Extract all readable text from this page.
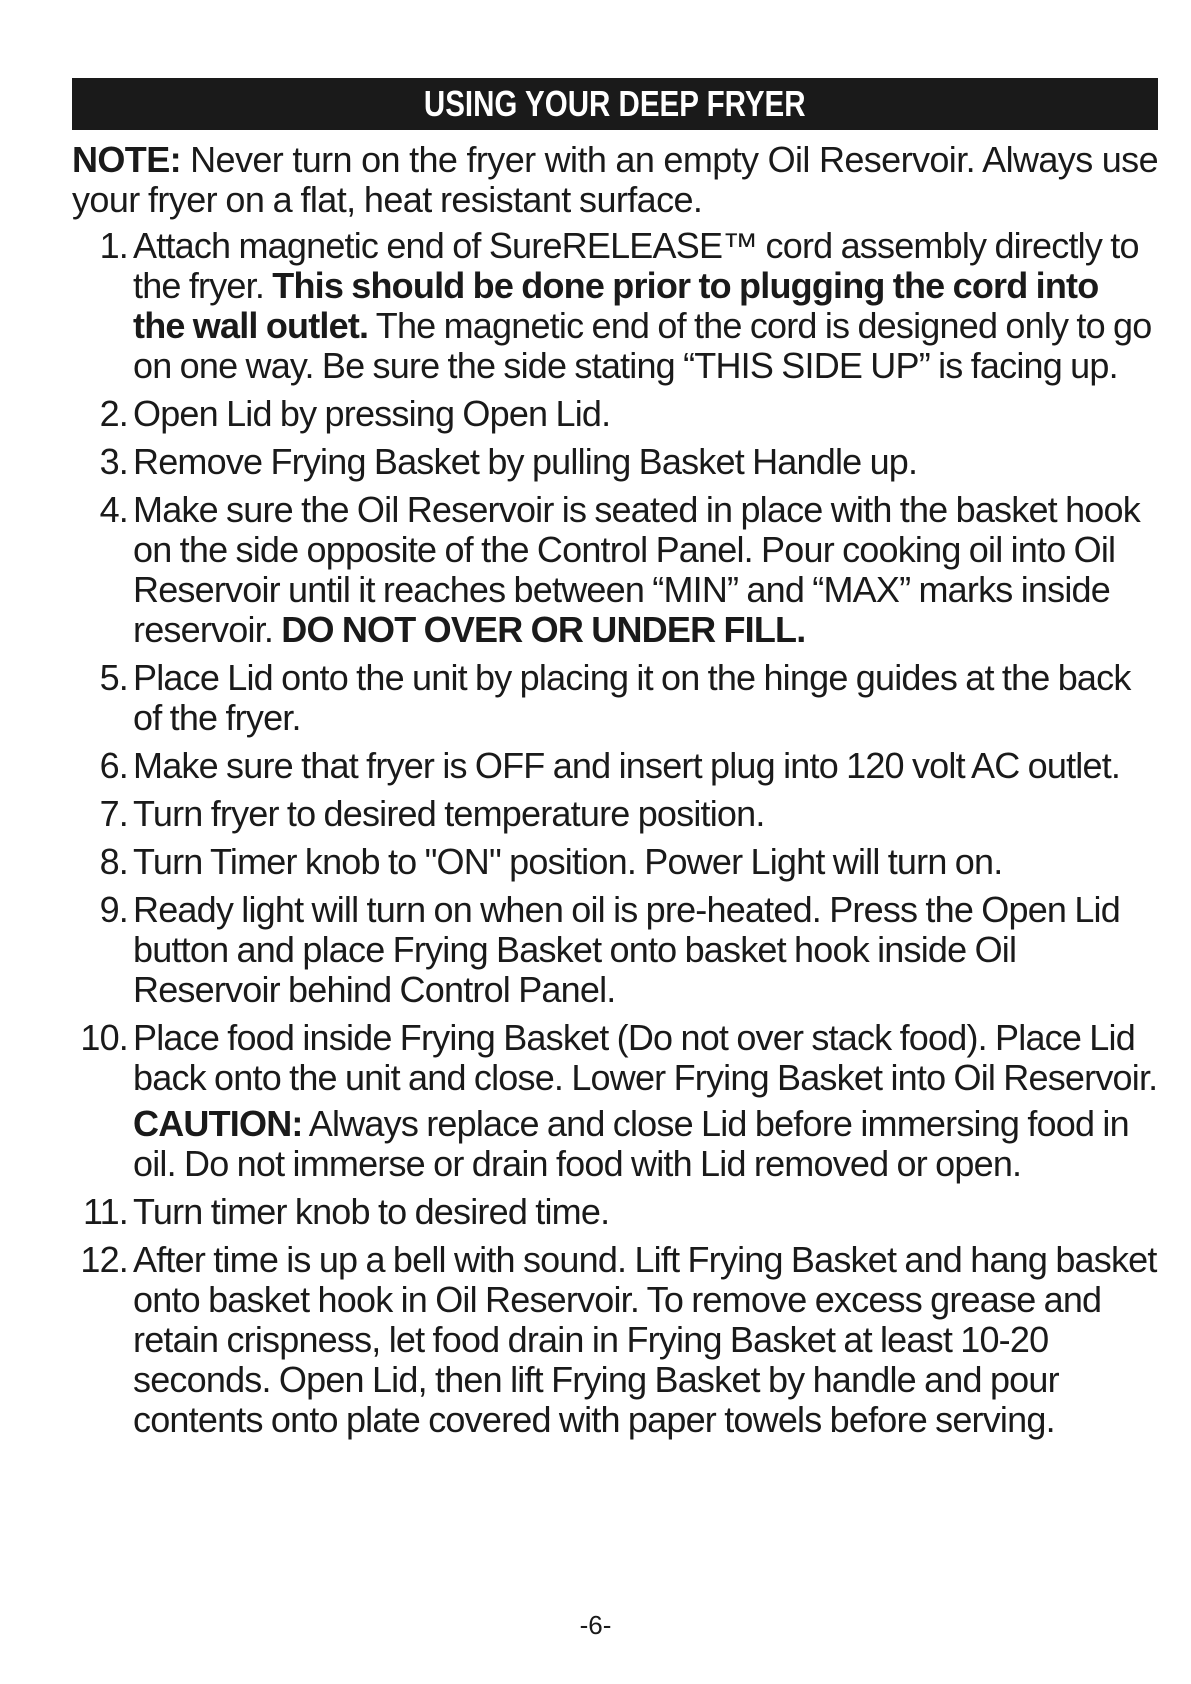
USING YOUR DEEP FRYER

NOTE: Never turn on the fryer with an empty Oil Reservoir. Always use your fryer on a flat, heat resistant surface.

1. Attach magnetic end of SureRELEASE™ cord assembly directly to the fryer. This should be done prior to plugging the cord into the wall outlet. The magnetic end of the cord is designed only to go on one way. Be sure the side stating “THIS SIDE UP” is facing up.
2. Open Lid by pressing Open Lid.
3. Remove Frying Basket by pulling Basket Handle up.
4. Make sure the Oil Reservoir is seated in place with the basket hook on the side opposite of the Control Panel. Pour cooking oil into Oil Reservoir until it reaches between “MIN” and “MAX” marks inside reservoir. DO NOT OVER OR UNDER FILL.
5. Place Lid onto the unit by placing it on the hinge guides at the back of the fryer.
6. Make sure that fryer is OFF and insert plug into 120 volt AC outlet.
7. Turn fryer to desired temperature position.
8. Turn Timer knob to "ON" position. Power Light will turn on.
9. Ready light will turn on when oil is pre-heated. Press the Open Lid button and place Frying Basket onto basket hook inside Oil Reservoir behind Control Panel.
10. Place food inside Frying Basket (Do not over stack food). Place Lid back onto the unit and close. Lower Frying Basket into Oil Reservoir.
CAUTION: Always replace and close Lid before immersing food in oil. Do not immerse or drain food with Lid removed or open.
11. Turn timer knob to desired time.
12. After time is up a bell with sound. Lift Frying Basket and hang basket onto basket hook in Oil Reservoir. To remove excess grease and retain crispness, let food drain in Frying Basket at least 10-20 seconds. Open Lid, then lift Frying Basket by handle and pour contents onto plate covered with paper towels before serving.
-6-
